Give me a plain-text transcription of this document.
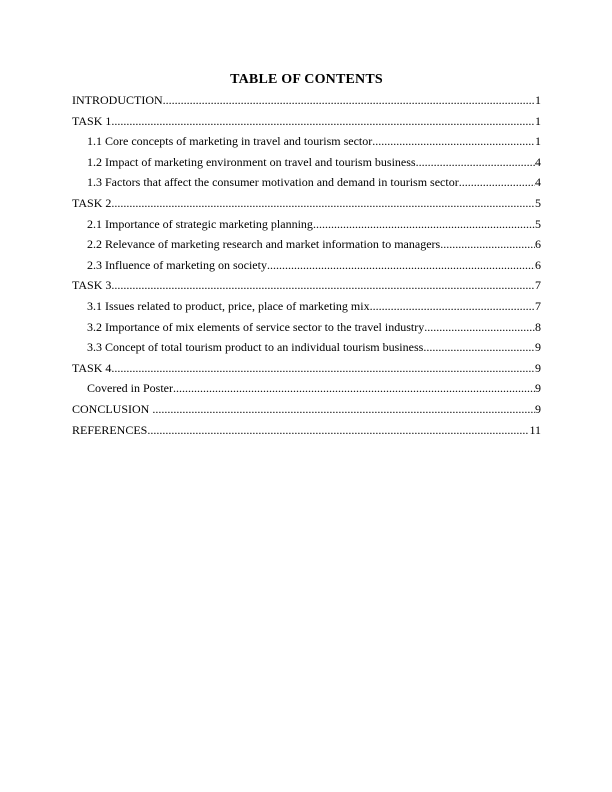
TABLE OF CONTENTS
INTRODUCTION .....	1
TASK 1 .....	1
1.1 Core concepts of marketing in travel and tourism sector .....	1
1.2 Impact of marketing environment on travel and tourism business .....	4
1.3 Factors that affect the consumer motivation and demand in tourism sector .....	4
TASK 2 .....	5
2.1 Importance of strategic marketing planning .....	5
2.2 Relevance of marketing research and market information to managers .....	6
2.3 Influence of marketing on society .....	6
TASK 3 .....	7
3.1 Issues related to product, price, place of marketing mix .....	7
3.2 Importance of mix elements of service sector to the travel industry .....	8
3.3 Concept of total tourism product to an individual tourism business .....	9
TASK 4 .....	9
Covered in Poster .....	9
CONCLUSION .....	9
REFERENCES .....	11
